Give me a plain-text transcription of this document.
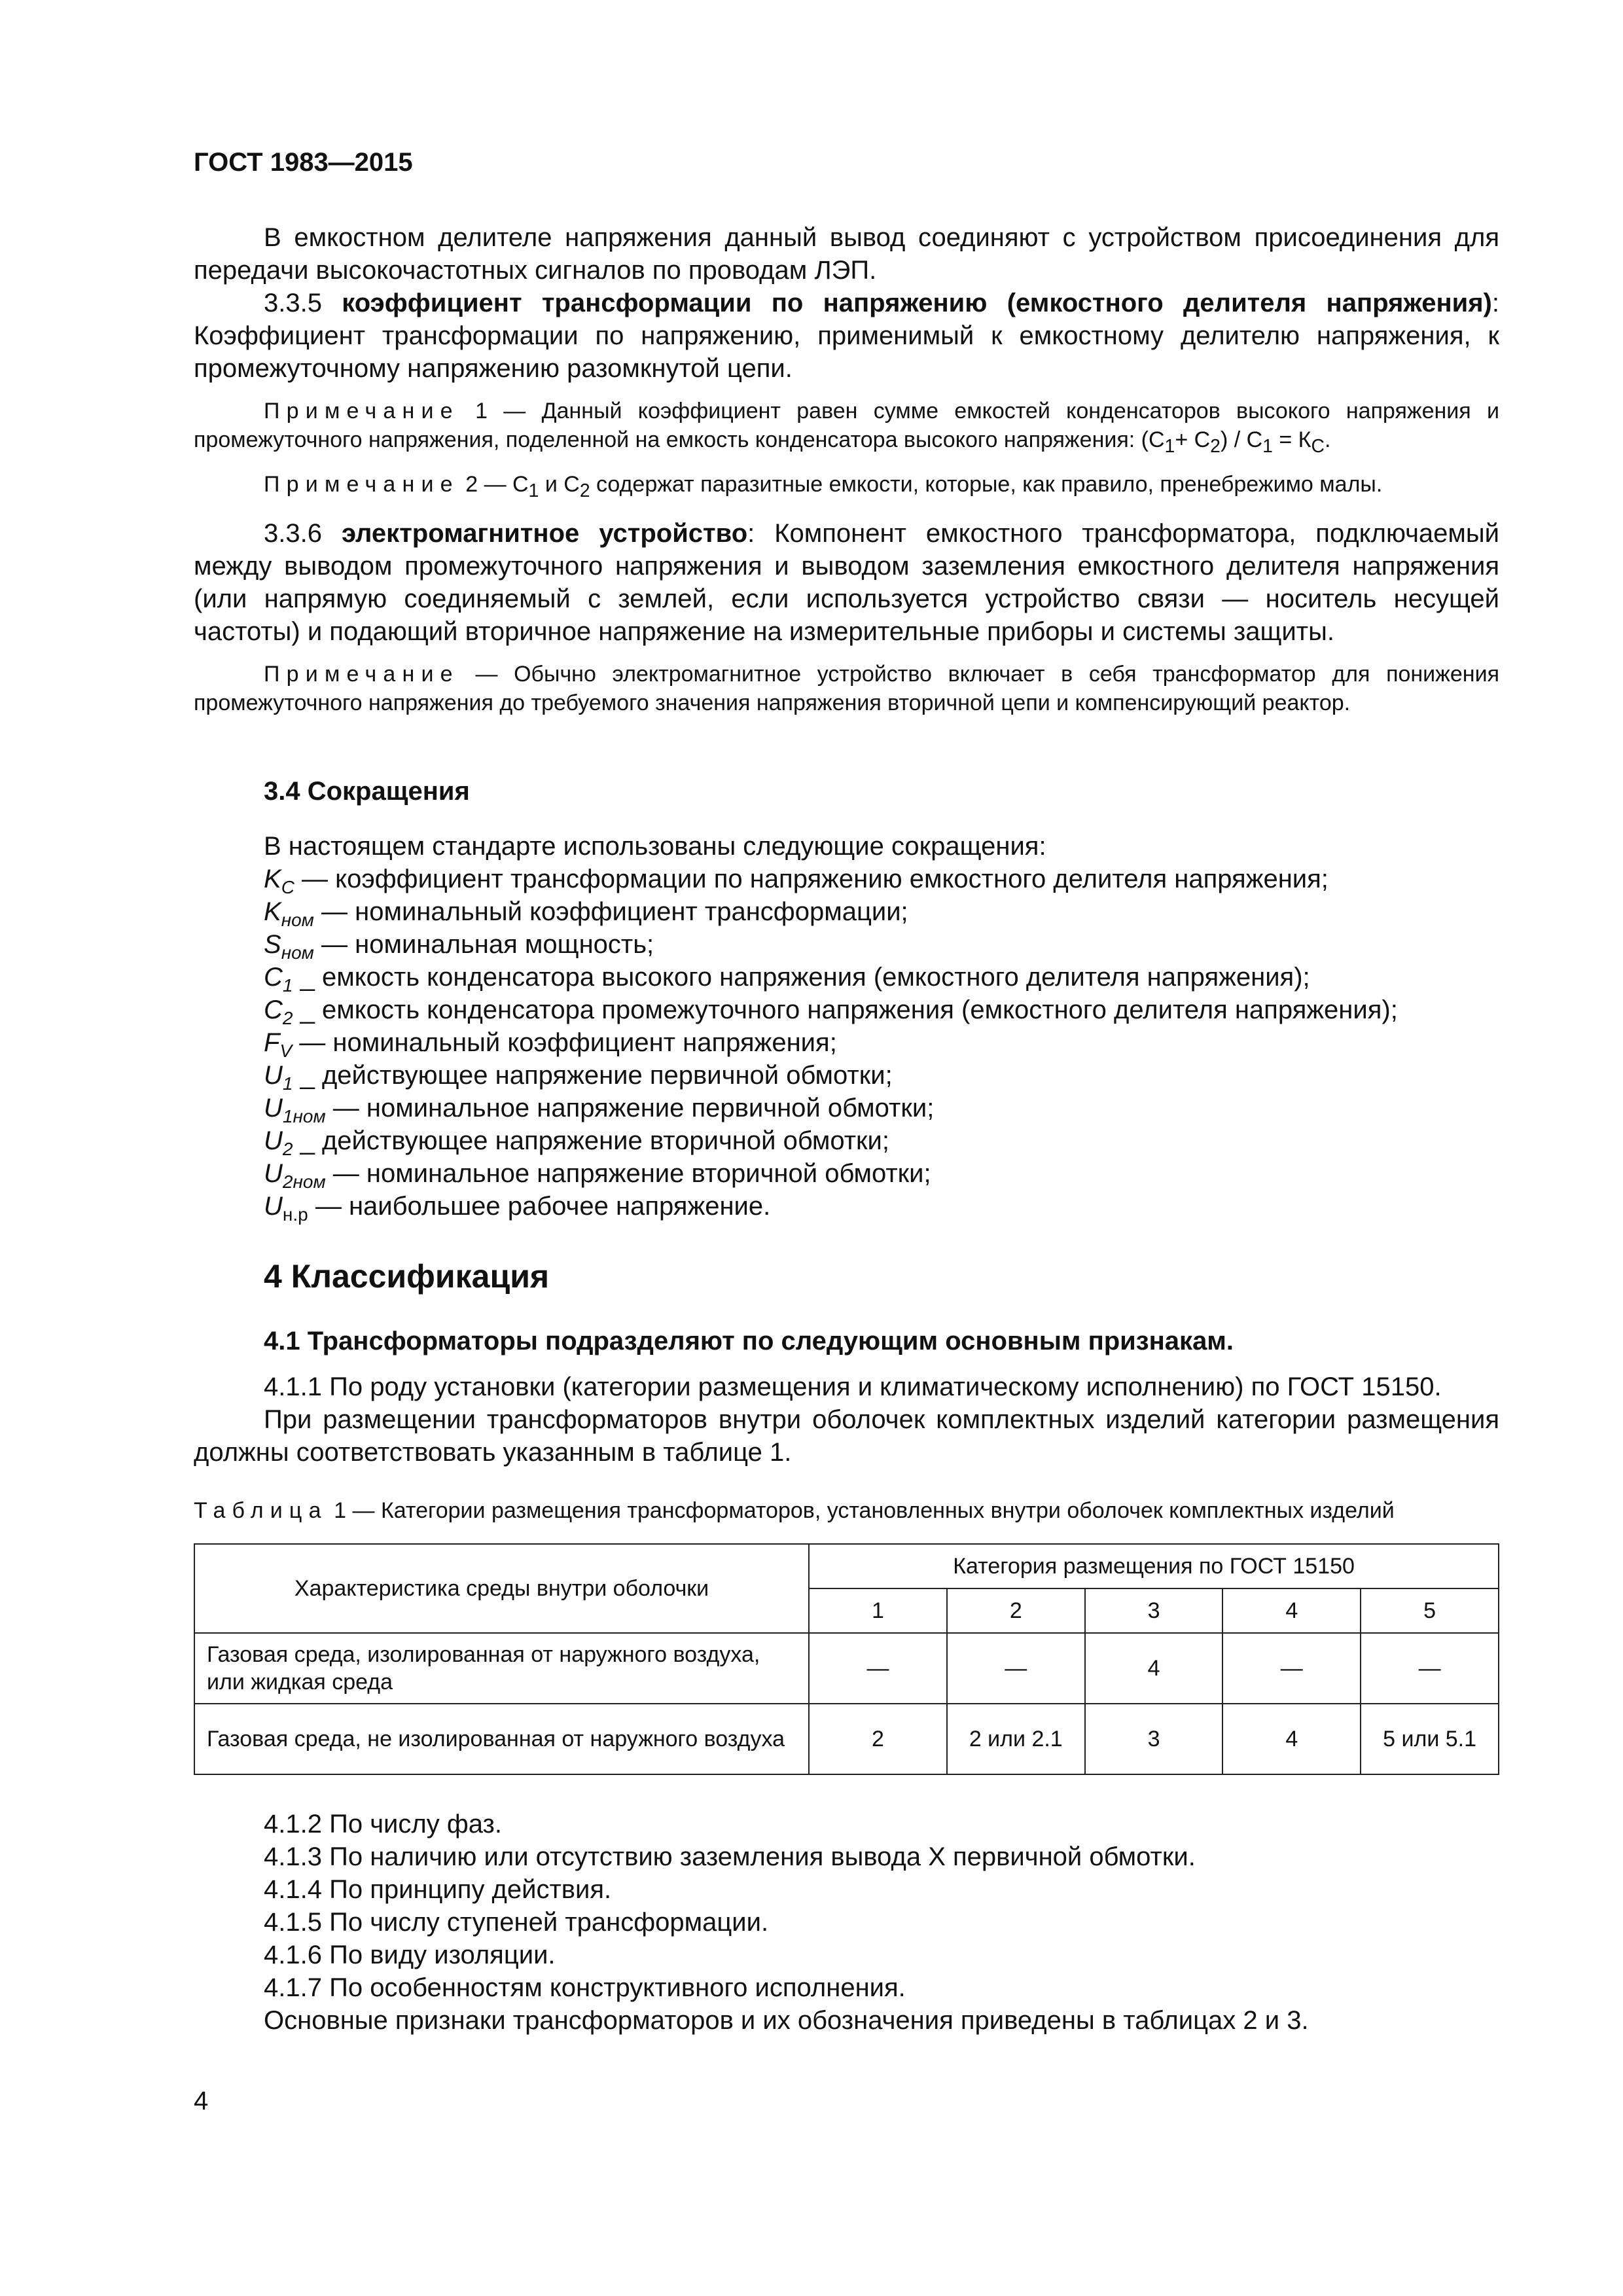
ГОСТ 1983—2015

В емкостном делителе напряжения данный вывод соединяют с устройством присоединения для передачи высокочастотных сигналов по проводам ЛЭП.

3.3.5 коэффициент трансформации по напряжению (емкостного делителя напряжения): Коэффициент трансформации по напряжению, применимый к емкостному делителю напряжения, к промежуточному напряжению разомкнутой цепи.

Примечание 1 — Данный коэффициент равен сумме емкостей конденсаторов высокого напряжения и промежуточного напряжения, поделенной на емкость конденсатора высокого напряжения: $(С_1+ С_2) / С_1 = К_С$.

Примечание 2 — $С_1$ и $С_2$ содержат паразитные емкости, которые, как правило, пренебрежимо малы.

3.3.6 электромагнитное устройство: Компонент емкостного трансформатора, подключаемый между выводом промежуточного напряжения и выводом заземления емкостного делителя напряжения (или напрямую соединяемый с землей, если используется устройство связи — носитель несущей частоты) и подающий вторичное напряжение на измерительные приборы и системы защиты.

Примечание — Обычно электромагнитное устройство включает в себя трансформатор для понижения промежуточного напряжения до требуемого значения напряжения вторичной цепи и компенсирующий реактор.

3.4 Сокращения

В настоящем стандарте использованы следующие сокращения:

$K_C$ — коэффициент трансформации по напряжению емкостного делителя напряжения;
$K_{ном}$ — номинальный коэффициент трансформации;
$S_{ном}$ — номинальная мощность;
$C_1$ _ емкость конденсатора высокого напряжения (емкостного делителя напряжения);
$C_2$ _ емкость конденсатора промежуточного напряжения (емкостного делителя напряжения);
$F_V$ — номинальный коэффициент напряжения;
$U_1$ _ действующее напряжение первичной обмотки;
$U_{1ном}$ — номинальное напряжение первичной обмотки;
$U_2$ _ действующее напряжение вторичной обмотки;
$U_{2ном}$ — номинальное напряжение вторичной обмотки;
$U_{н.р}$ — наибольшее рабочее напряжение.

4 Классификация

4.1 Трансформаторы подразделяют по следующим основным признакам.

4.1.1 По роду установки (категории размещения и климатическому исполнению) по ГОСТ 15150.

При размещении трансформаторов внутри оболочек комплектных изделий категории размещения должны соответствовать указанным в таблице 1.

Таблица 1 — Категории размещения трансформаторов, установленных внутри оболочек комплектных изделий
Характеристика среды внутри оболочки	Категория размещения по ГОСТ 15150				
	1	2	3	4	5
Газовая среда, изолированная от наружного воздуха, или жидкая среда	—	—	4	—	—
Газовая среда, не изолированная от наружного воздуха	2	2 или 2.1	3	4	5 или 5.1

4.1.2 По числу фаз.

4.1.3 По наличию или отсутствию заземления вывода Х первичной обмотки.

4.1.4 По принципу действия.

4.1.5 По числу ступеней трансформации.

4.1.6 По виду изоляции.

4.1.7 По особенностям конструктивного исполнения.

Основные признаки трансформаторов и их обозначения приведены в таблицах 2 и 3.

4
